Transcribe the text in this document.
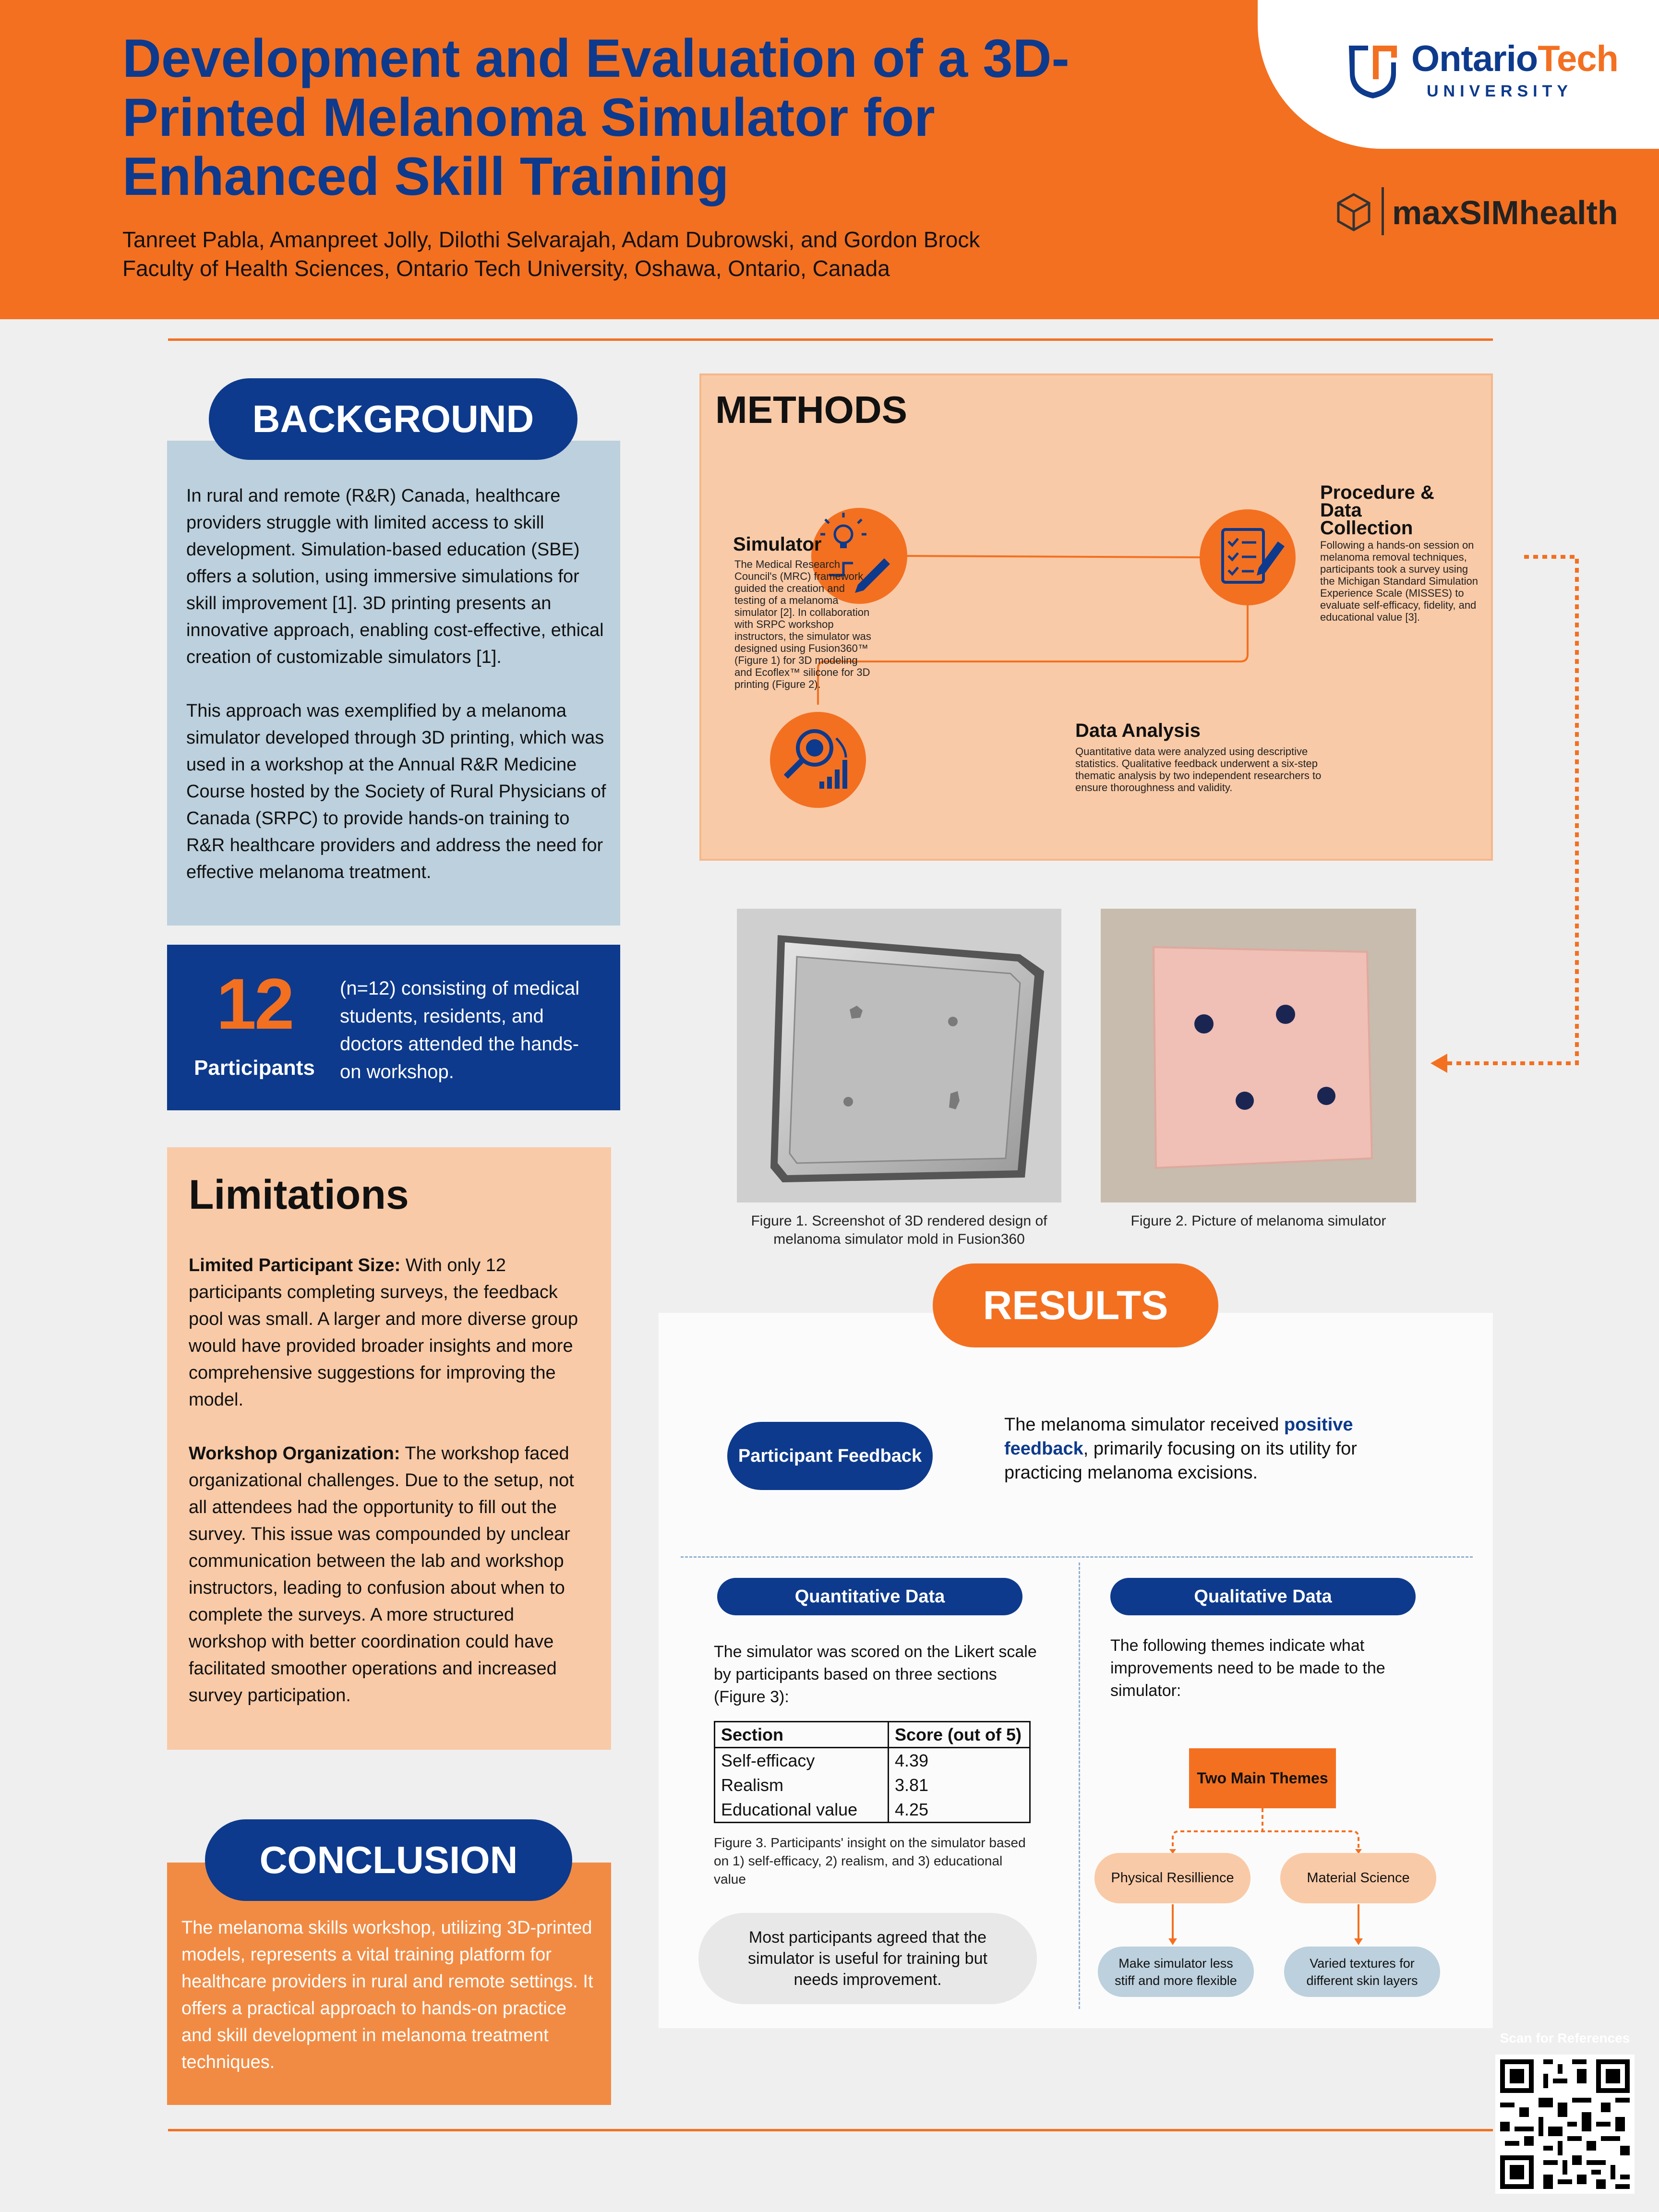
Development and Evaluation of a 3D-Printed Melanoma Simulator for Enhanced Skill Training
Tanreet Pabla, Amanpreet Jolly, Dilothi Selvarajah, Adam Dubrowski, and Gordon Brock
Faculty of Health Sciences, Ontario Tech University, Oshawa, Ontario, Canada
OntarioTech
UNIVERSITY
maxSIMhealth
BACKGROUND

In rural and remote (R&R) Canada, healthcare providers struggle with limited access to skill development. Simulation-based education (SBE) offers a solution, using immersive simulations for skill improvement [1]. 3D printing presents an innovative approach, enabling cost-effective, ethical creation of customizable simulators [1].

This approach was exemplified by a melanoma simulator developed through 3D printing, which was used in a workshop at the Annual R&R Medicine Course hosted by the Society of Rural Physicians of Canada (SRPC) to provide hands-on training to R&R healthcare providers and address the need for effective melanoma treatment.

12
Participants
(n=12) consisting of medical students, residents, and doctors attended the hands-on workshop.
Limitations

Limited Participant Size: With only 12 participants completing surveys, the feedback pool was small. A larger and more diverse group would have provided broader insights and more comprehensive suggestions for improving the model.

Workshop Organization: The workshop faced organizational challenges. Due to the setup, not all attendees had the opportunity to fill out the survey. This issue was compounded by unclear communication between the lab and workshop instructors, leading to confusion about when to complete the surveys. A more structured workshop with better coordination could have facilitated smoother operations and increased survey participation.

CONCLUSION
The melanoma skills workshop, utilizing 3D-printed models, represents a vital training platform for healthcare providers in rural and remote settings. It offers a practical approach to hands-on practice and skill development in melanoma treatment techniques.
METHODS
Simulator
The Medical Research Council's (MRC) framework guided the creation and testing of a melanoma simulator [2]. In collaboration with SRPC workshop instructors, the simulator was designed using Fusion360™ (Figure 1) for 3D modeling and Ecoflex™ silicone for 3D printing (Figure 2).
Procedure & Data Collection
Following a hands-on session on melanoma removal techniques, participants took a survey using the Michigan Standard Simulation Experience Scale (MISSES) to evaluate self-efficacy, fidelity, and educational value [3].
Data Analysis
Quantitative data were analyzed using descriptive statistics. Qualitative feedback underwent a six-step thematic analysis by two independent researchers to ensure thoroughness and validity.
Figure 1. Screenshot of 3D rendered design of melanoma simulator mold in Fusion360
Figure 2. Picture of melanoma simulator
RESULTS
Participant Feedback
The melanoma simulator received positive feedback, primarily focusing on its utility for practicing melanoma excisions.
Quantitative Data
The simulator was scored on the Likert scale by participants based on three sections (Figure 3):
Section	Score (out of 5)
Self-efficacy	4.39
Realism	3.81
Educational value	4.25
Figure 3. Participants' insight on the simulator based on 1) self-efficacy, 2) realism, and 3) educational value
Most participants agreed that the simulator is useful for training but needs improvement.
Qualitative Data
The following themes indicate what improvements need to be made to the simulator:
Two Main Themes
Physical Resillience	Material Science
Make simulator less stiff and more flexible
Varied textures for different skin layers
Scan for References
